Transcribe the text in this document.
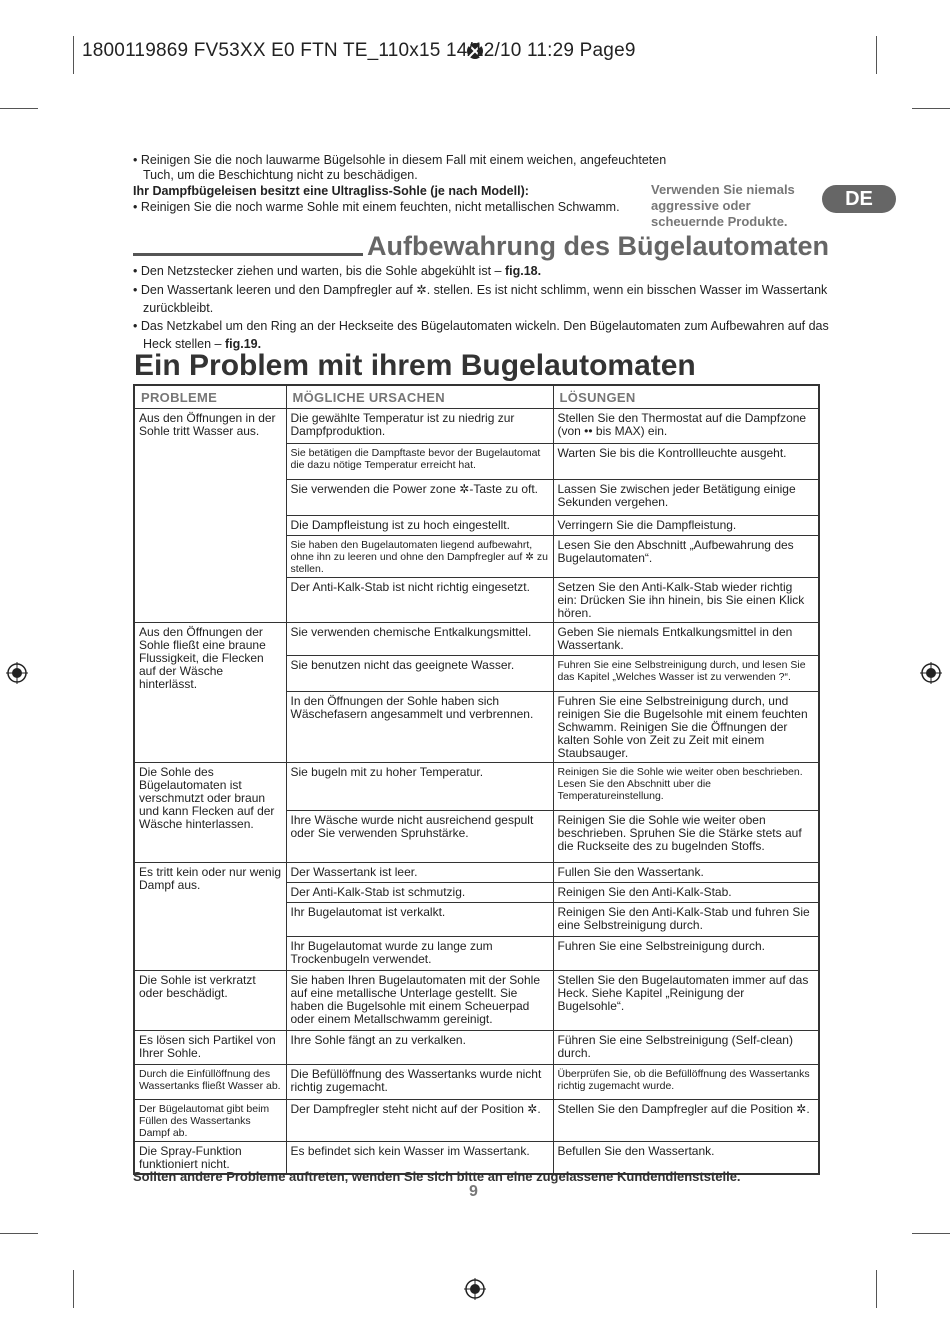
1800119869 FV53XX E0 FTN TE_110x15 14/12/10 11:29 Page9
• Reinigen Sie die noch lauwarme Bügelsohle in diesem Fall mit einem weichen, angefeuchteten
Tuch, um die Beschichtung nicht zu beschädigen.
Ihr Dampfbügeleisen besitzt eine Ultragliss-Sohle (je nach Modell):
• Reinigen Sie die noch warme Sohle mit einem feuchten, nicht metallischen Schwamm.
Verwenden Sie niemals aggressive oder scheuernde Produkte.
DE
Aufbewahrung des Bügelautomaten
• Den Netzstecker ziehen und warten, bis die Sohle abgekühlt ist – fig.18.
• Den Wassertank leeren und den Dampfregler auf ✲. stellen. Es ist nicht schlimm, wenn ein bisschen Wasser im Wassertank
zurückbleibt.
• Das Netzkabel um den Ring an der Heckseite des Bügelautomaten wickeln. Den Bügelautomaten zum Aufbewahren auf das
Heck stellen – fig.19.
Ein Problem mit ihrem Bugelautomaten
PROBLEME	MÖGLICHE URSACHEN	LÖSUNGEN
Aus den Öffnungen in der Sohle tritt Wasser aus.	Die gewählte Temperatur ist zu niedrig zur Dampfproduktion.	Stellen Sie den Thermostat auf die Dampfzone (von •• bis MAX) ein.
	Sie betätigen die Dampftaste bevor der Bugelautomat die dazu nötige Temperatur erreicht hat.	Warten Sie bis die Kontrollleuchte ausgeht.
	Sie verwenden die Power zone ✲-Taste zu oft.	Lassen Sie zwischen jeder Betätigung einige Sekunden vergehen.
	Die Dampfleistung ist zu hoch eingestellt.	Verringern Sie die Dampfleistung.
	Sie haben den Bugelautomaten liegend aufbewahrt, ohne ihn zu leeren und ohne den Dampfregler auf ✲ zu stellen.	Lesen Sie den Abschnitt „Aufbewahrung des Bugelautomaten“.
	Der Anti-Kalk-Stab ist nicht richtig eingesetzt.	Setzen Sie den Anti-Kalk-Stab wieder richtig ein: Drücken Sie ihn hinein, bis Sie einen Klick hören.
Aus den Öffnungen der Sohle fließt eine braune Flussigkeit, die Flecken auf der Wäsche hinterlässt.	Sie verwenden chemische Entkalkungsmittel.	Geben Sie niemals Entkalkungsmittel in den Wassertank.
	Sie benutzen nicht das geeignete Wasser.	Fuhren Sie eine Selbstreinigung durch, und lesen Sie das Kapitel „Welches Wasser ist zu verwenden ?“.
	In den Öffnungen der Sohle haben sich Wäschefasern angesammelt und verbrennen.	Fuhren Sie eine Selbstreinigung durch, und reinigen Sie die Bugelsohle mit einem feuchten Schwamm. Reinigen Sie die Öffnungen der kalten Sohle von Zeit zu Zeit mit einem Staubsauger.
Die Sohle des Bügelautomaten ist verschmutzt oder braun und kann Flecken auf der Wäsche hinterlassen.	Sie bugeln mit zu hoher Temperatur.	Reinigen Sie die Sohle wie weiter oben beschrieben. Lesen Sie den Abschnitt uber die Temperatureinstellung.
	Ihre Wäsche wurde nicht ausreichend gespult oder Sie verwenden Spruhstärke.	Reinigen Sie die Sohle wie weiter oben beschrieben. Spruhen Sie die Stärke stets auf die Ruckseite des zu bugelnden Stoffs.
Es tritt kein oder nur wenig Dampf aus.	Der Wassertank ist leer.	Fullen Sie den Wassertank.
	Der Anti-Kalk-Stab ist schmutzig.	Reinigen Sie den Anti-Kalk-Stab.
	Ihr Bugelautomat ist verkalkt.	Reinigen Sie den Anti-Kalk-Stab und fuhren Sie eine Selbstreinigung durch.
	Ihr Bugelautomat wurde zu lange zum Trockenbugeln verwendet.	Fuhren Sie eine Selbstreinigung durch.
Die Sohle ist verkratzt oder beschädigt.	Sie haben Ihren Bugelautomaten mit der Sohle auf eine metallische Unterlage gestellt. Sie haben die Bugelsohle mit einem Scheuerpad oder einem Metallschwamm gereinigt.	Stellen Sie den Bugelautomaten immer auf das Heck. Siehe Kapitel „Reinigung der Bugelsohle“.
Es lösen sich Partikel von Ihrer Sohle.	Ihre Sohle fängt an zu verkalken.	Führen Sie eine Selbstreinigung (Self-clean) durch.
Durch die Einfüllöffnung des Wassertanks fließt Wasser ab.	Die Befüllöffnung des Wassertanks wurde nicht richtig zugemacht.	Überprüfen Sie, ob die Befüllöffnung des Wassertanks richtig zugemacht wurde.
Der Bügelautomat gibt beim Füllen des Wassertanks Dampf ab.	Der Dampfregler steht nicht auf der Position ✲.	Stellen Sie den Dampfregler auf die Position ✲.
Die Spray-Funktion funktioniert nicht.	Es befindet sich kein Wasser im Wassertank.	Befullen Sie den Wassertank.
Sollten andere Probleme auftreten, wenden Sie sich bitte an eine zugelassene Kundendienststelle.
9
